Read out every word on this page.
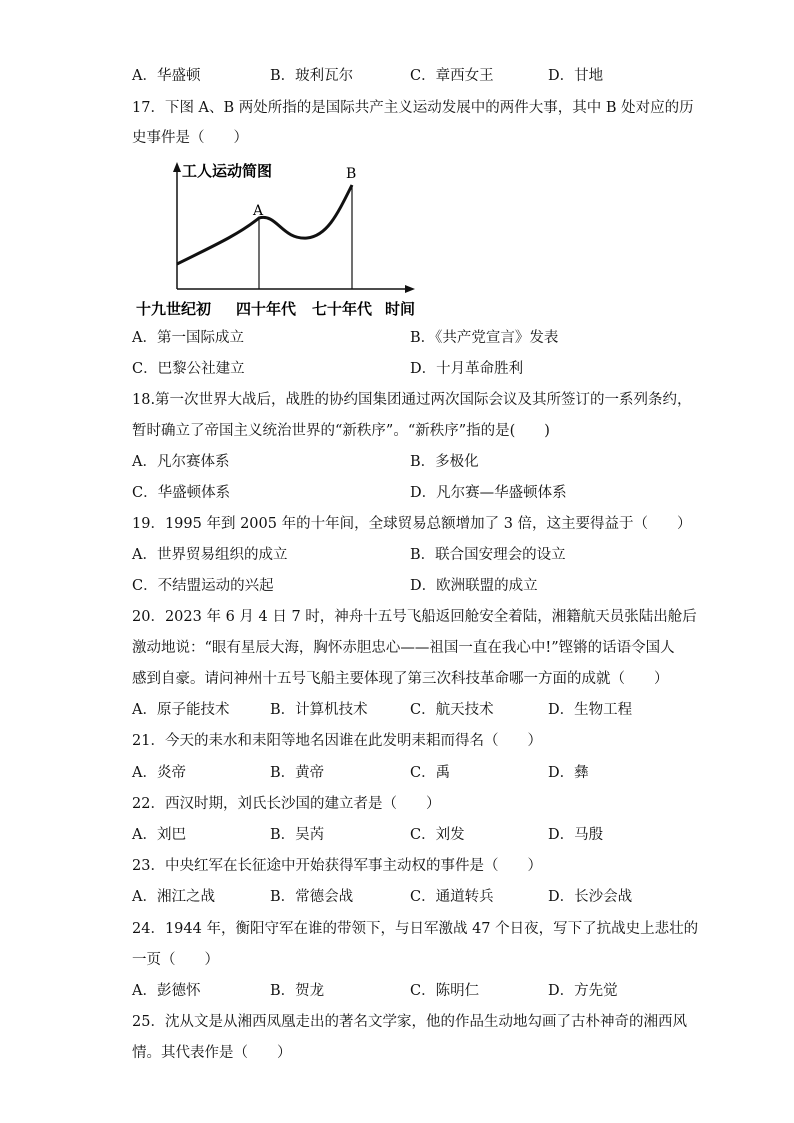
A．华盛顿	B．玻利瓦尔	C．章西女王	D．甘地
17．下图 A、B 两处所指的是国际共产主义运动发展中的两件大事，其中 B 处对应的历
史事件是（　　）
工人运动简图
A
B
十九世纪初 四十年代 七十年代 时间
A．第一国际成立	B．《共产党宣言》发表
C．巴黎公社建立	D．十月革命胜利
18.第一次世界大战后，战胜的协约国集团通过两次国际会议及其所签订的一系列条约，
暂时确立了帝国主义统治世界的“新秩序”。“新秩序”指的是(　　)
A．凡尔赛体系	B．多极化
C．华盛顿体系	D．凡尔赛—华盛顿体系
19．1995 年到 2005 年的十年间，全球贸易总额增加了 3 倍，这主要得益于（　　）
A．世界贸易组织的成立	B．联合国安理会的设立
C．不结盟运动的兴起	D．欧洲联盟的成立
20．2023 年 6 月 4 日 7 时，神舟十五号飞船返回舱安全着陆，湘籍航天员张陆出舱后
激动地说：“眼有星辰大海，胸怀赤胆忠心——祖国一直在我心中!”铿锵的话语令国人
感到自豪。请问神州十五号飞船主要体现了第三次科技革命哪一方面的成就（　　）
A．原子能技术	B．计算机技术	C．航天技术	D．生物工程
21．今天的耒水和耒阳等地名因谁在此发明耒耜而得名（　　）
A．炎帝	B．黄帝	C．禹	D．彝
22．西汉时期，刘氏长沙国的建立者是（　　）
A．刘巴	B．吴芮	C．刘发	D．马殷
23．中央红军在长征途中开始获得军事主动权的事件是（　　）
A．湘江之战	B．常德会战	C．通道转兵	D．长沙会战
24．1944 年，衡阳守军在谁的带领下，与日军激战 47 个日夜，写下了抗战史上悲壮的
一页（　　）
A．彭德怀	B．贺龙	C．陈明仁	D．方先觉
25．沈从文是从湘西凤凰走出的著名文学家，他的作品生动地勾画了古朴神奇的湘西风
情。其代表作是（　　）
